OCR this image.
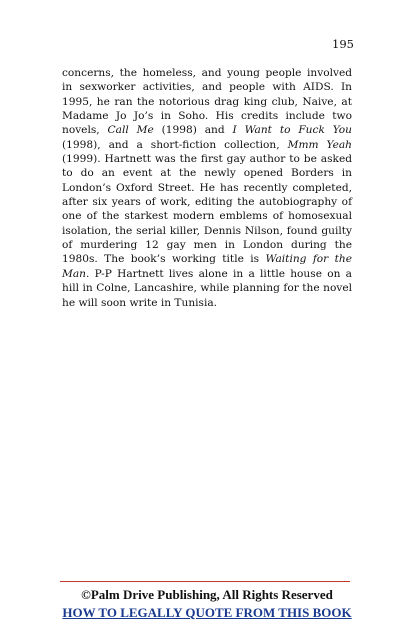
195

concerns, the homeless, and young people involved in sexworker activities, and people with AIDS. In 1995, he ran the notorious drag king club, Naive, at Madame Jo Jo’s in Soho. His credits include two novels, Call Me (1998) and I Want to Fuck You (1998), and a short-fiction collection, Mmm Yeah (1999). Hartnett was the first gay author to be asked to do an event at the newly opened Borders in London’s Oxford Street. He has recently completed, after six years of work, editing the autobiography of one of the starkest modern emblems of homosexual isolation, the serial killer, Dennis Nilson, found guilty of murdering 12 gay men in London during the 1980s. The book’s working title is Waiting for the Man. P-P Hartnett lives alone in a little house on a hill in Colne, Lancashire, while planning for the novel he will soon write in Tunisia.

©Palm Drive Publishing, All Rights Reserved
HOW TO LEGALLY QUOTE FROM THIS BOOK
